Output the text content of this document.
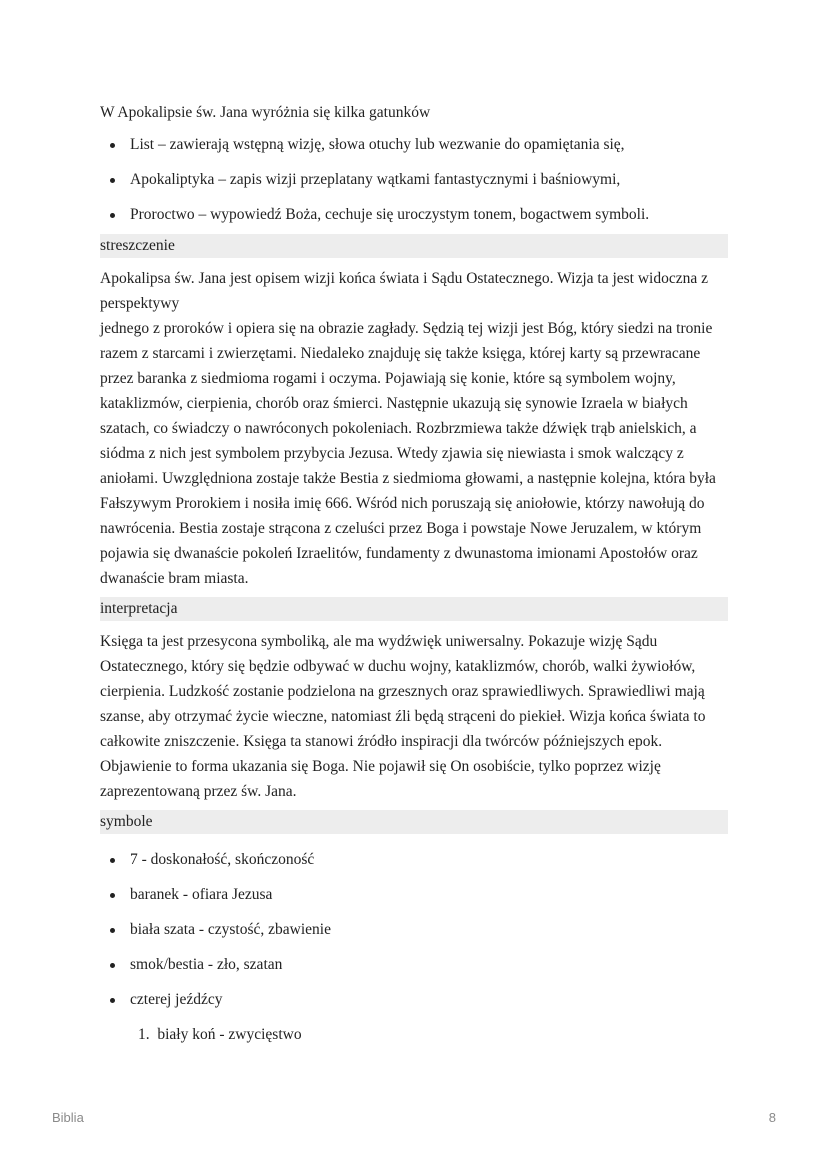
W Apokalipsie św. Jana wyróżnia się kilka gatunków

List – zawierają wstępną wizję, słowa otuchy lub wezwanie do opamiętania się,
Apokaliptyka – zapis wizji przeplatany wątkami fantastycznymi i baśniowymi,
Proroctwo – wypowiedź Boża, cechuje się uroczystym tonem, bogactwem symboli.
streszczenie

Apokalipsa św. Jana jest opisem wizji końca świata i Sądu Ostatecznego. Wizja ta jest widoczna z perspektywy

jednego z proroków i opiera się na obrazie zagłady. Sędzią tej wizji jest Bóg, który siedzi na tronie razem z starcami i zwierzętami. Niedaleko znajduję się także księga, której karty są przewracane przez baranka z siedmioma rogami i oczyma. Pojawiają się konie, które są symbolem wojny, kataklizmów, cierpienia, chorób oraz śmierci. Następnie ukazują się synowie Izraela w białych szatach, co świadczy o nawróconych pokoleniach. Rozbrzmiewa także dźwięk trąb anielskich, a siódma z nich jest symbolem przybycia Jezusa. Wtedy zjawia się niewiasta i smok walczący z aniołami. Uwzględniona zostaje także Bestia z siedmioma głowami, a następnie kolejna, która była Fałszywym Prorokiem i nosiła imię 666. Wśród nich poruszają się aniołowie, którzy nawołują do nawrócenia. Bestia zostaje strącona z czeluści przez Boga i powstaje Nowe Jeruzalem, w którym pojawia się dwanaście pokoleń Izraelitów, fundamenty z dwunastoma imionami Apostołów oraz dwanaście bram miasta.

interpretacja

Księga ta jest przesycona symboliką, ale ma wydźwięk uniwersalny. Pokazuje wizję Sądu Ostatecznego, który się będzie odbywać w duchu wojny, kataklizmów, chorób, walki żywiołów, cierpienia. Ludzkość zostanie podzielona na grzesznych oraz sprawiedliwych. Sprawiedliwi mają szanse, aby otrzymać życie wieczne, natomiast źli będą strąceni do piekieł. Wizja końca świata to całkowite zniszczenie. Księga ta stanowi źródło inspiracji dla twórców późniejszych epok. Objawienie to forma ukazania się Boga. Nie pojawił się On osobiście, tylko poprzez wizję zaprezentowaną przez św. Jana.

symbole
7 - doskonałość, skończoność
baranek - ofiara Jezusa
biała szata - czystość, zbawienie
smok/bestia - zło, szatan
czterej jeźdźcy
1.  biały koń - zwycięstwo
Biblia	8
